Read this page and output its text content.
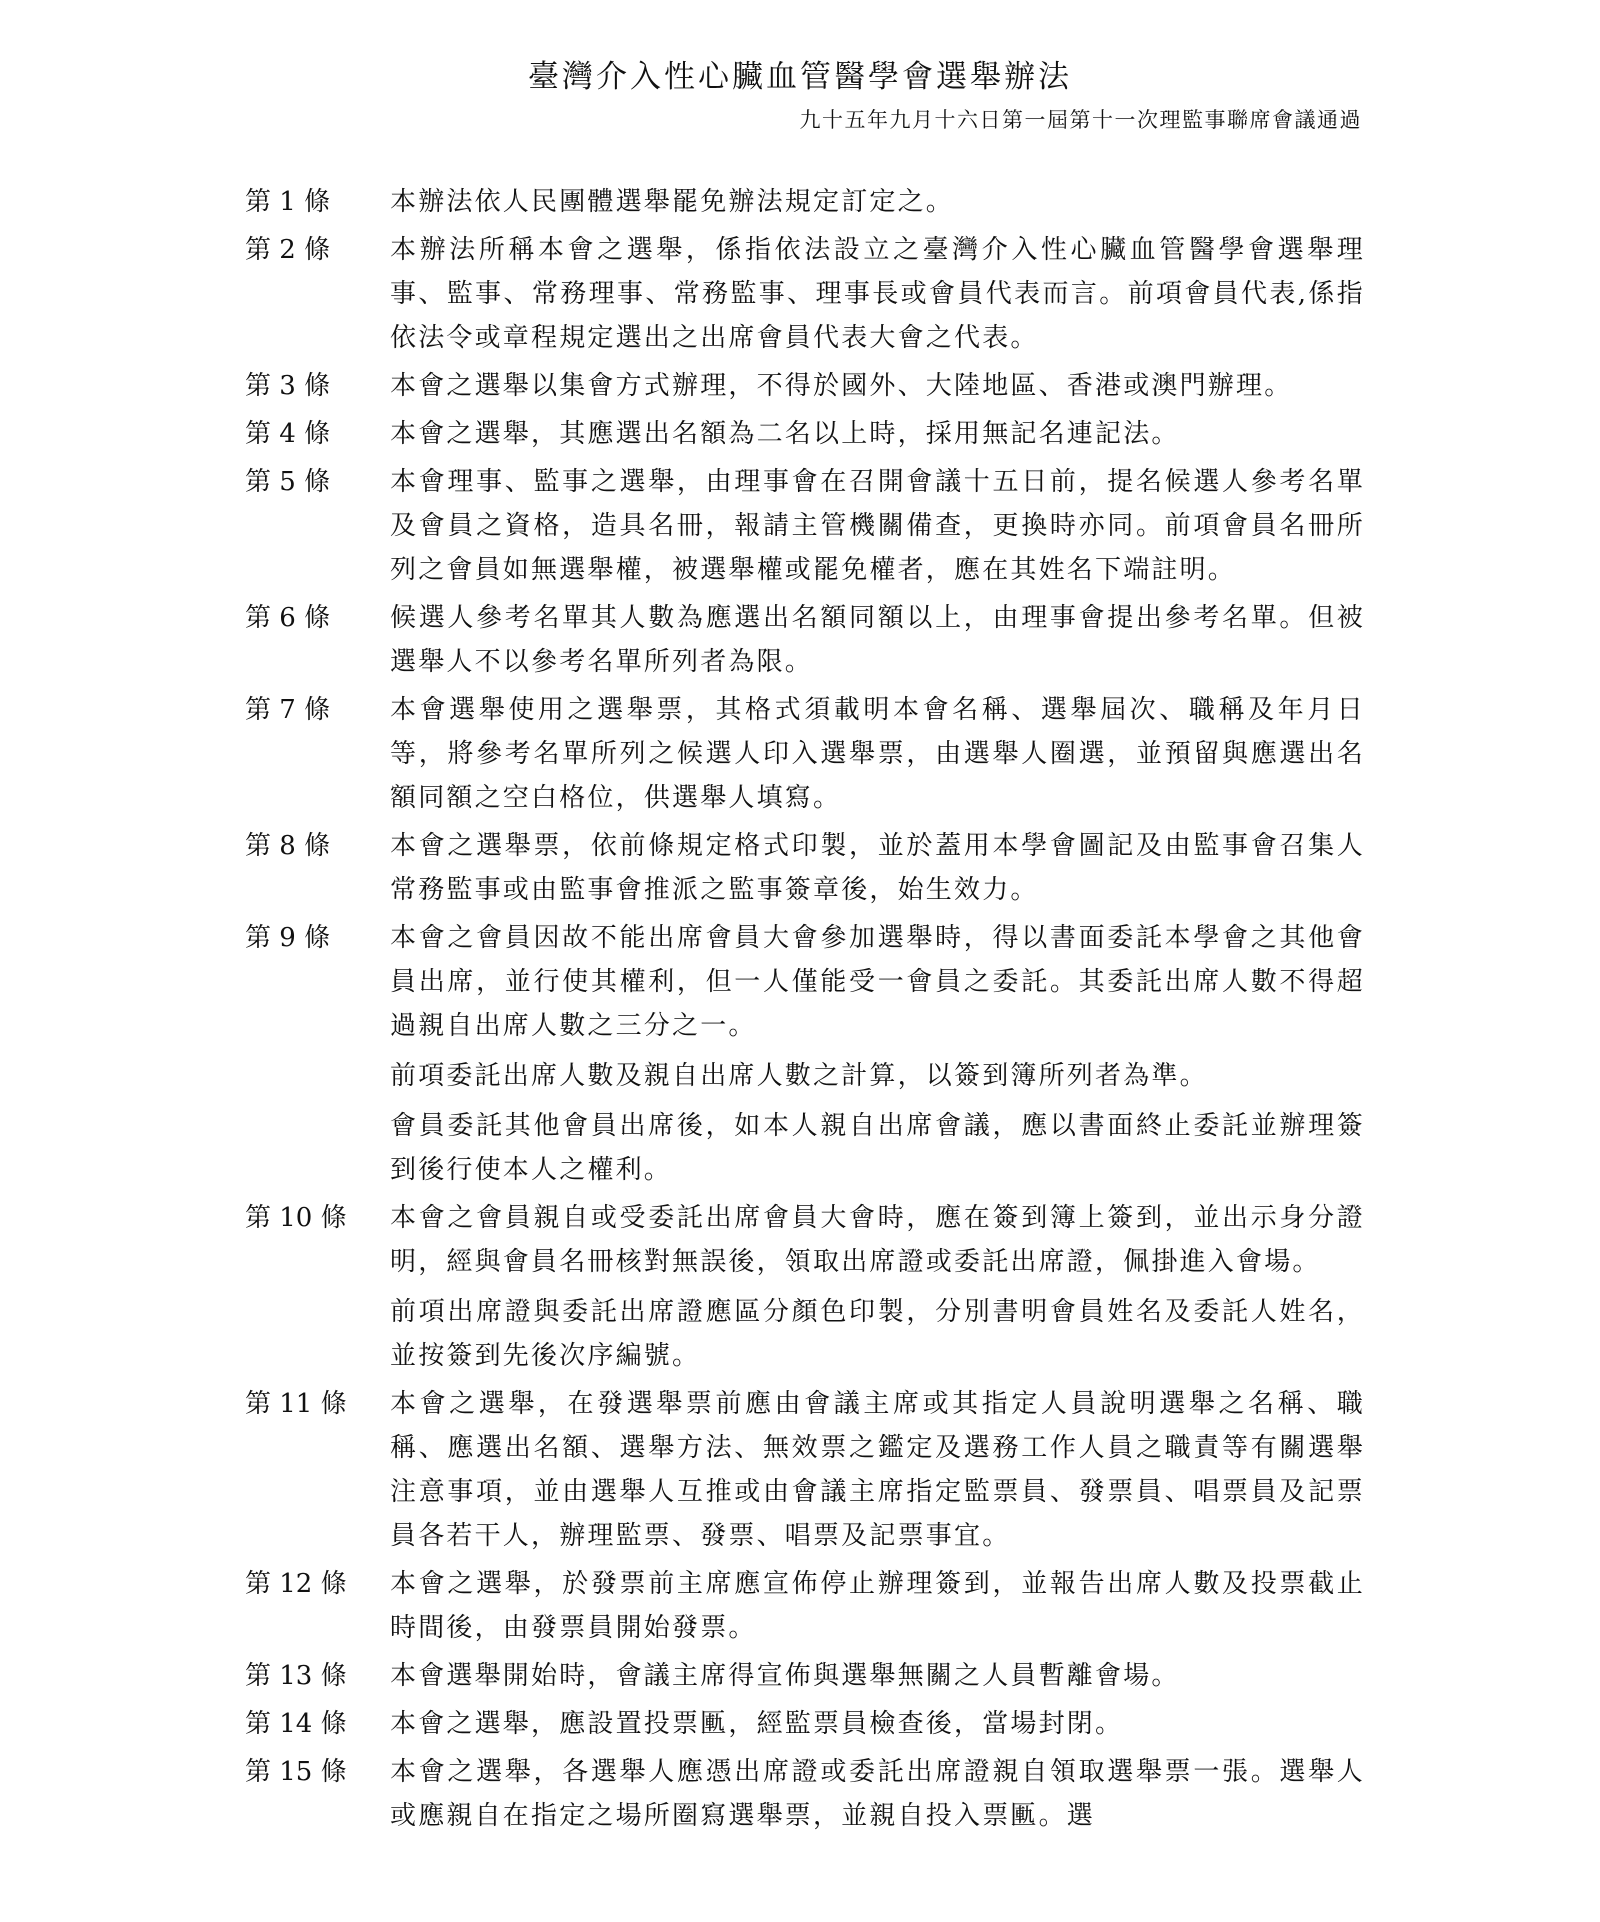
臺灣介入性心臟血管醫學會選舉辦法
九十五年九月十六日第一屆第十一次理監事聯席會議通過
第 1 條	本辦法依人民團體選舉罷免辦法規定訂定之。

第 2 條	本辦法所稱本會之選舉，係指依法設立之臺灣介入性心臟血管醫學會選舉理事、監事、常務理事、常務監事、理事長或會員代表而言。前項會員代表,係指依法令或章程規定選出之出席會員代表大會之代表。

第 3 條	本會之選舉以集會方式辦理，不得於國外、大陸地區、香港或澳門辦理。

第 4 條	本會之選舉，其應選出名額為二名以上時，採用無記名連記法。

第 5 條	本會理事、監事之選舉，由理事會在召開會議十五日前，提名候選人參考名單及會員之資格，造具名冊，報請主管機關備查，更換時亦同。前項會員名冊所列之會員如無選舉權，被選舉權或罷免權者，應在其姓名下端註明。

第 6 條	候選人參考名單其人數為應選出名額同額以上，由理事會提出參考名單。但被選舉人不以參考名單所列者為限。

第 7 條	本會選舉使用之選舉票，其格式須載明本會名稱、選舉屆次、職稱及年月日等，將參考名單所列之候選人印入選舉票，由選舉人圈選，並預留與應選出名額同額之空白格位，供選舉人填寫。

第 8 條	本會之選舉票，依前條規定格式印製，並於蓋用本學會圖記及由監事會召集人常務監事或由監事會推派之監事簽章後，始生效力。

第 9 條	本會之會員因故不能出席會員大會參加選舉時，得以書面委託本學會之其他會員出席，並行使其權利，但一人僅能受一會員之委託。其委託出席人數不得超過親自出席人數之三分之一。

前項委託出席人數及親自出席人數之計算，以簽到簿所列者為準。

會員委託其他會員出席後，如本人親自出席會議，應以書面終止委託並辦理簽到後行使本人之權利。

第 10 條	本會之會員親自或受委託出席會員大會時，應在簽到簿上簽到，並出示身分證明，經與會員名冊核對無誤後，領取出席證或委託出席證，佩掛進入會場。

前項出席證與委託出席證應區分顏色印製，分別書明會員姓名及委託人姓名，並按簽到先後次序編號。

第 11 條	本會之選舉，在發選舉票前應由會議主席或其指定人員說明選舉之名稱、職稱、應選出名額、選舉方法、無效票之鑑定及選務工作人員之職責等有關選舉注意事項，並由選舉人互推或由會議主席指定監票員、發票員、唱票員及記票員各若干人，辦理監票、發票、唱票及記票事宜。

第 12 條	本會之選舉，於發票前主席應宣佈停止辦理簽到，並報告出席人數及投票截止時間後，由發票員開始發票。

第 13 條	本會選舉開始時，會議主席得宣佈與選舉無關之人員暫離會場。

第 14 條	本會之選舉，應設置投票匭，經監票員檢查後，當場封閉。

第 15 條	本會之選舉，各選舉人應憑出席證或委託出席證親自領取選舉票一張。選舉人或應親自在指定之場所圈寫選舉票，並親自投入票匭。選
